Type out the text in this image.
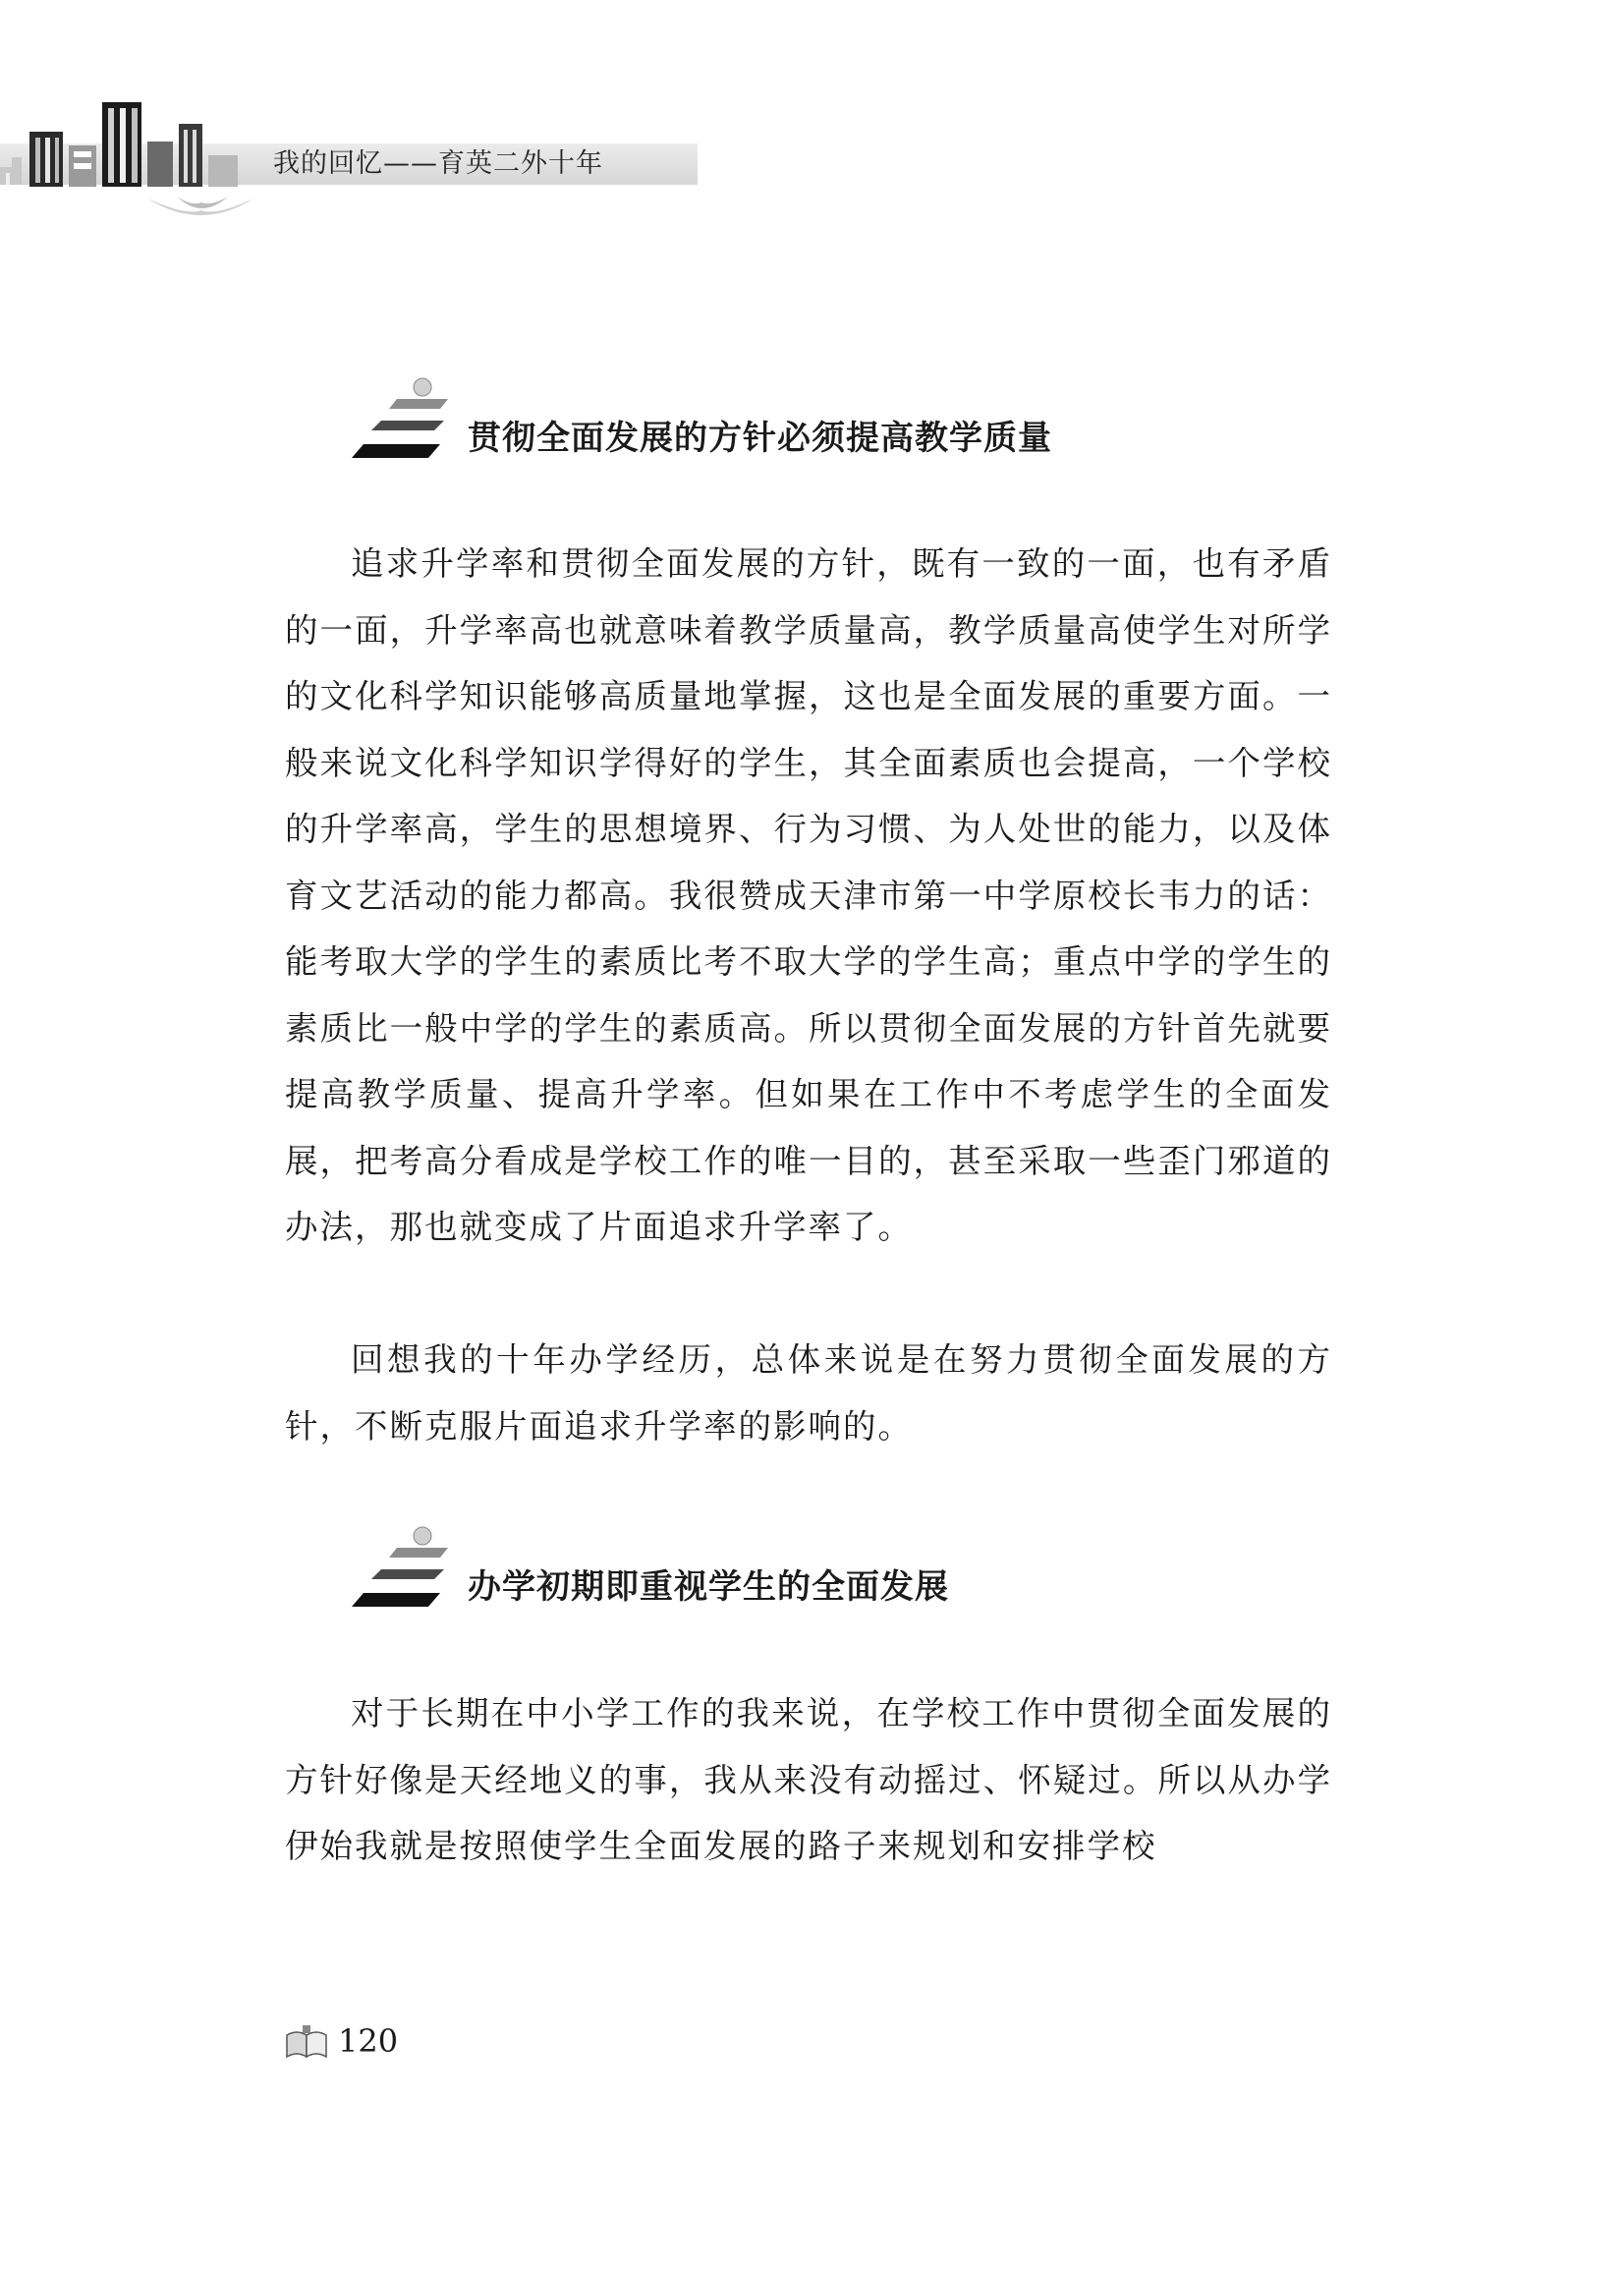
我的回忆——育英二外十年
贯彻全面发展的方针必须提高教学质量

追求升学率和贯彻全面发展的方针，既有一致的一面，也有矛盾的一面，升学率高也就意味着教学质量高，教学质量高使学生对所学的文化科学知识能够高质量地掌握，这也是全面发展的重要方面。一般来说文化科学知识学得好的学生，其全面素质也会提高，一个学校的升学率高，学生的思想境界、行为习惯、为人处世的能力，以及体育文艺活动的能力都高。我很赞成天津市第一中学原校长韦力的话：能考取大学的学生的素质比考不取大学的学生高；重点中学的学生的素质比一般中学的学生的素质高。所以贯彻全面发展的方针首先就要提高教学质量、提高升学率。但如果在工作中不考虑学生的全面发展，把考高分看成是学校工作的唯一目的，甚至采取一些歪门邪道的办法，那也就变成了片面追求升学率了。

回想我的十年办学经历，总体来说是在努力贯彻全面发展的方针，不断克服片面追求升学率的影响的。

办学初期即重视学生的全面发展

对于长期在中小学工作的我来说，在学校工作中贯彻全面发展的方针好像是天经地义的事，我从来没有动摇过、怀疑过。所以从办学伊始我就是按照使学生全面发展的路子来规划和安排学校

120
